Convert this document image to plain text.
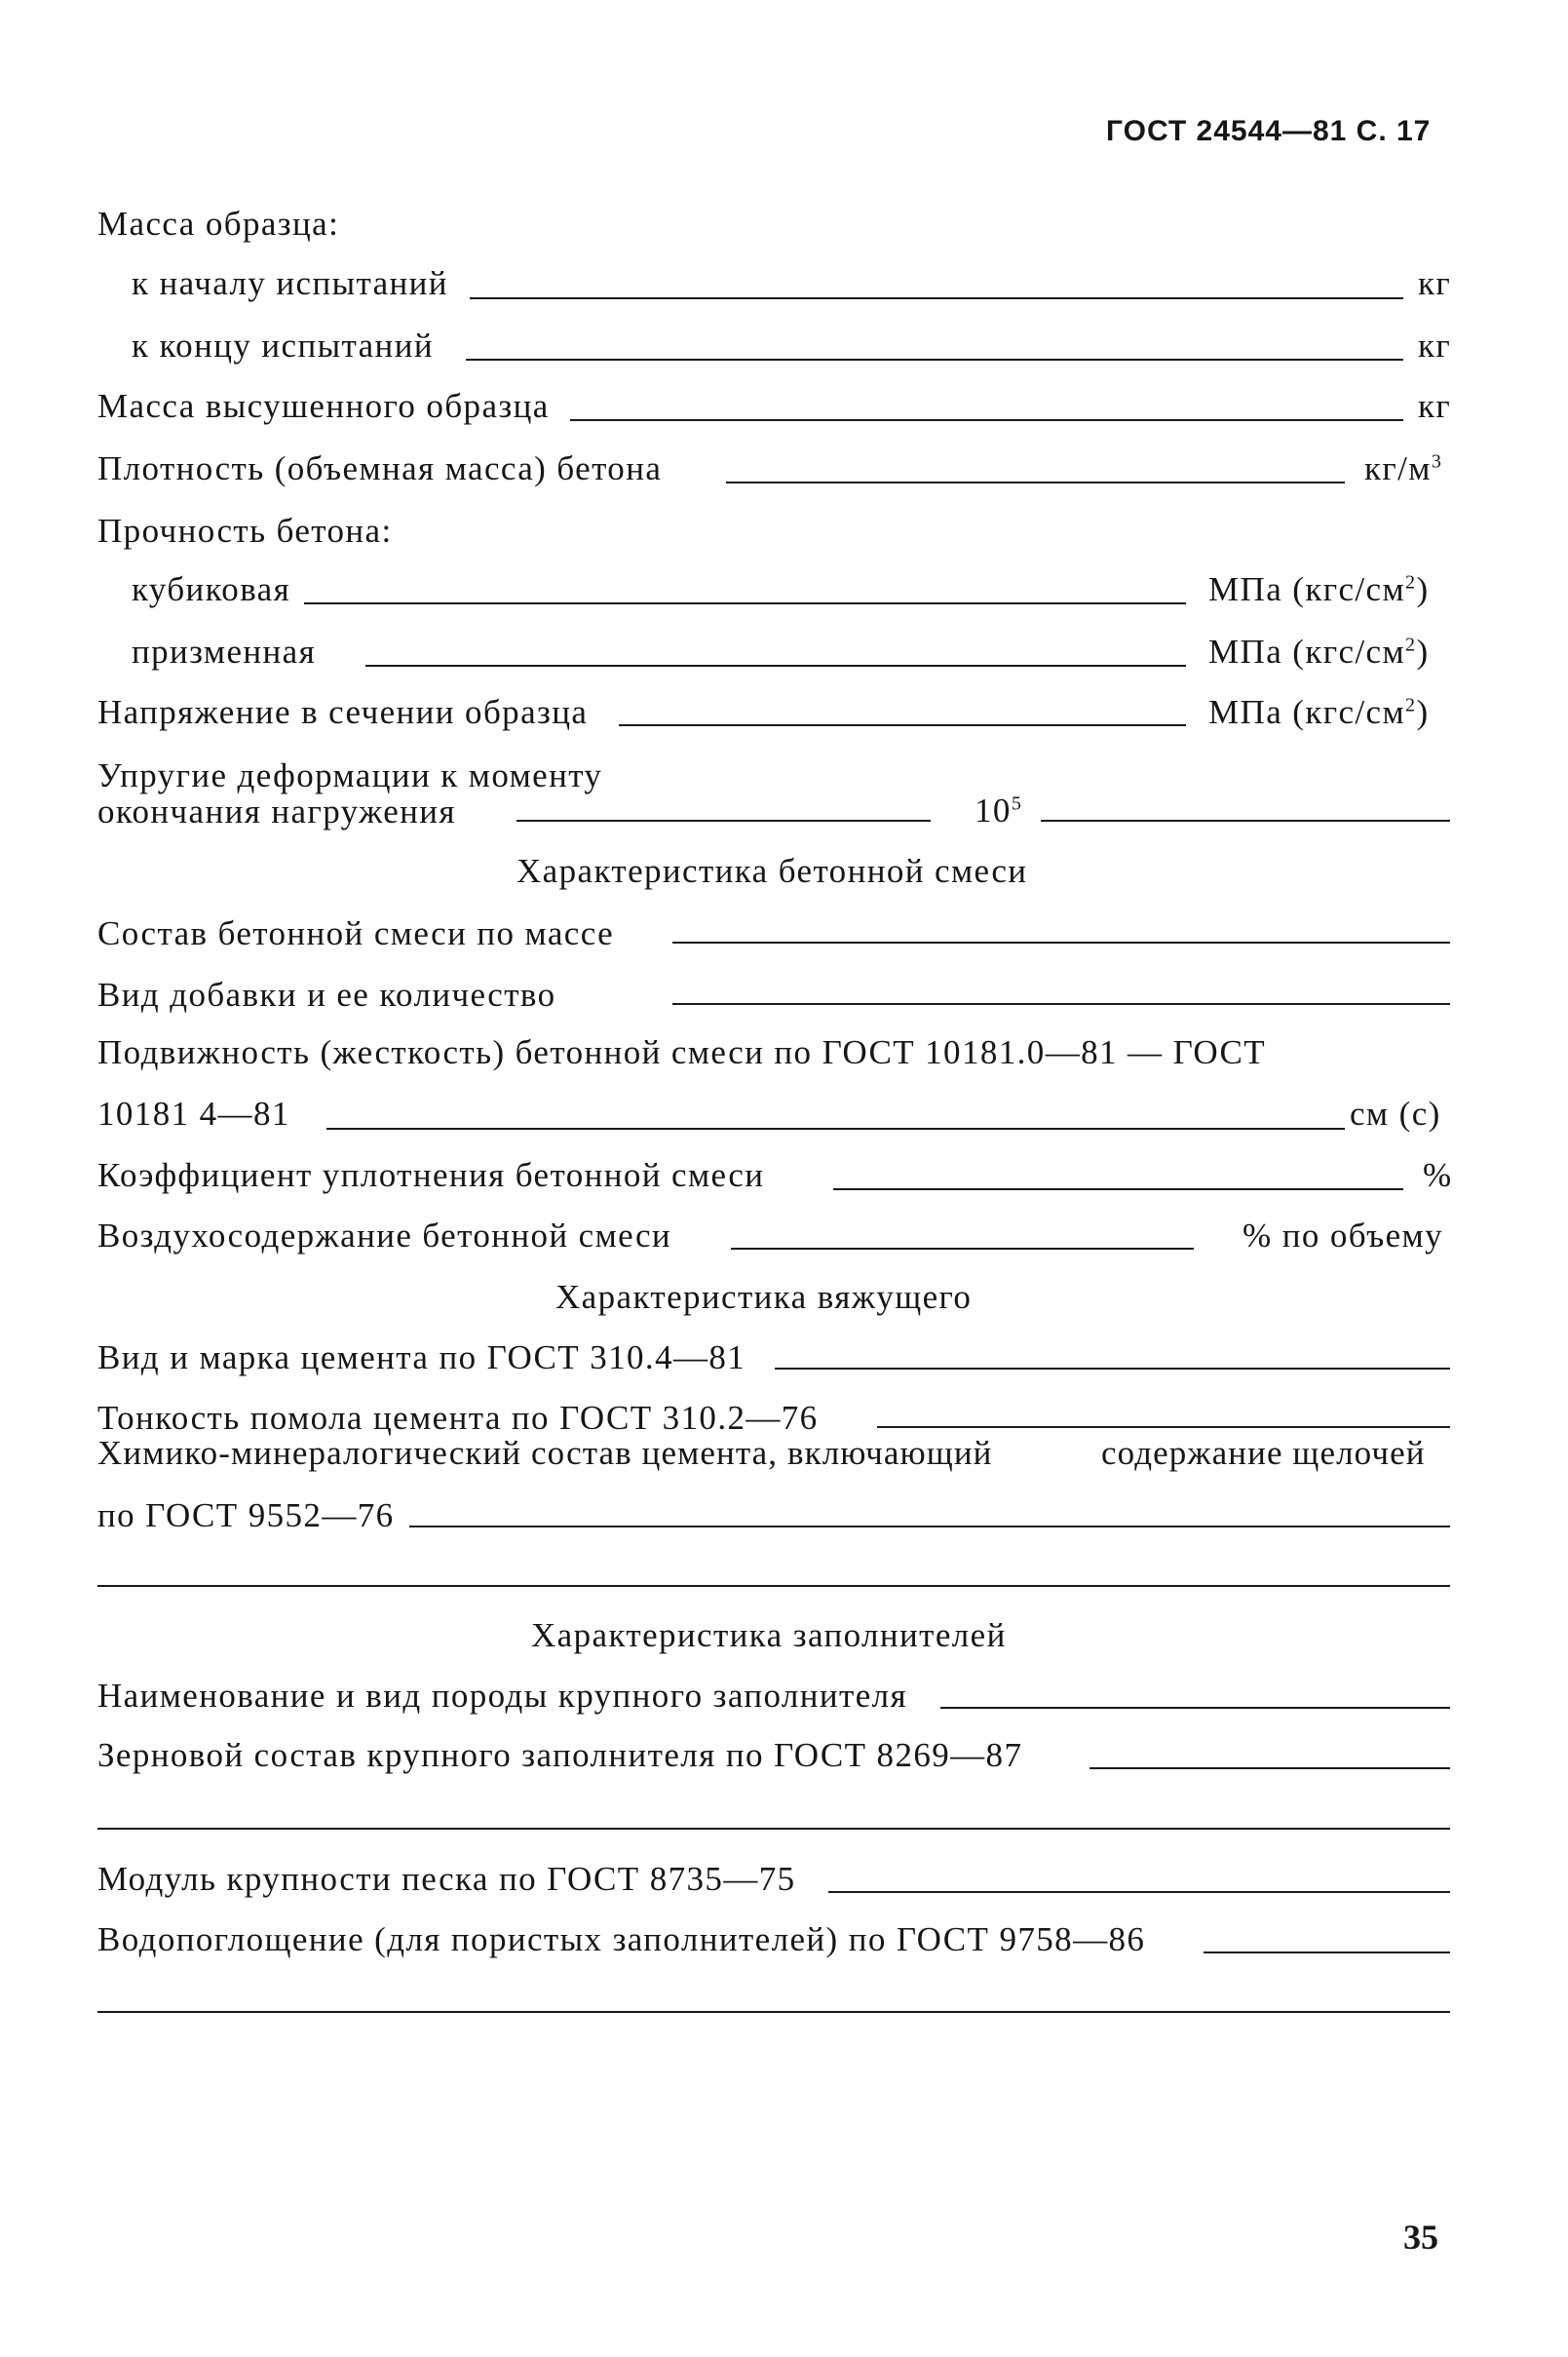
ГОСТ 24544—81 С. 17
Масса образца:
к началу испытаний	кг
к концу испытаний	кг
Масса высушенного образца	кг
Плотность (объемная масса) бетона	$кг/м^3$
Прочность бетона:
кубиковая	МПа $(кгс/см^2)$
призменная	МПа $(кгс/см^2)$
Напряжение в сечении образца	МПа $(кгс/см^2)$
Упругие деформации к моменту
окончания нагружения	$10^5$
Характеристика бетонной смеси
Состав бетонной смеси по массе
Вид добавки и ее количество
Подвижность (жесткость) бетонной смеси по ГОСТ 10181.0—81 — ГОСТ
10181 4—81	см (с)
Коэффициент уплотнения бетонной смеси	%
Воздухосодержание бетонной смеси	% по объему
Характеристика вяжущего
Вид и марка цемента по ГОСТ 310.4—81
Тонкость помола цемента по ГОСТ 310.2—76
Химико-минералогический состав цемента, включающий	содержание щелочей
по ГОСТ 9552—76
Характеристика заполнителей
Наименование и вид породы крупного заполнителя
Зерновой состав крупного заполнителя по ГОСТ 8269—87
Модуль крупности песка по ГОСТ 8735—75
Водопоглощение (для пористых заполнителей) по ГОСТ 9758—86
35
